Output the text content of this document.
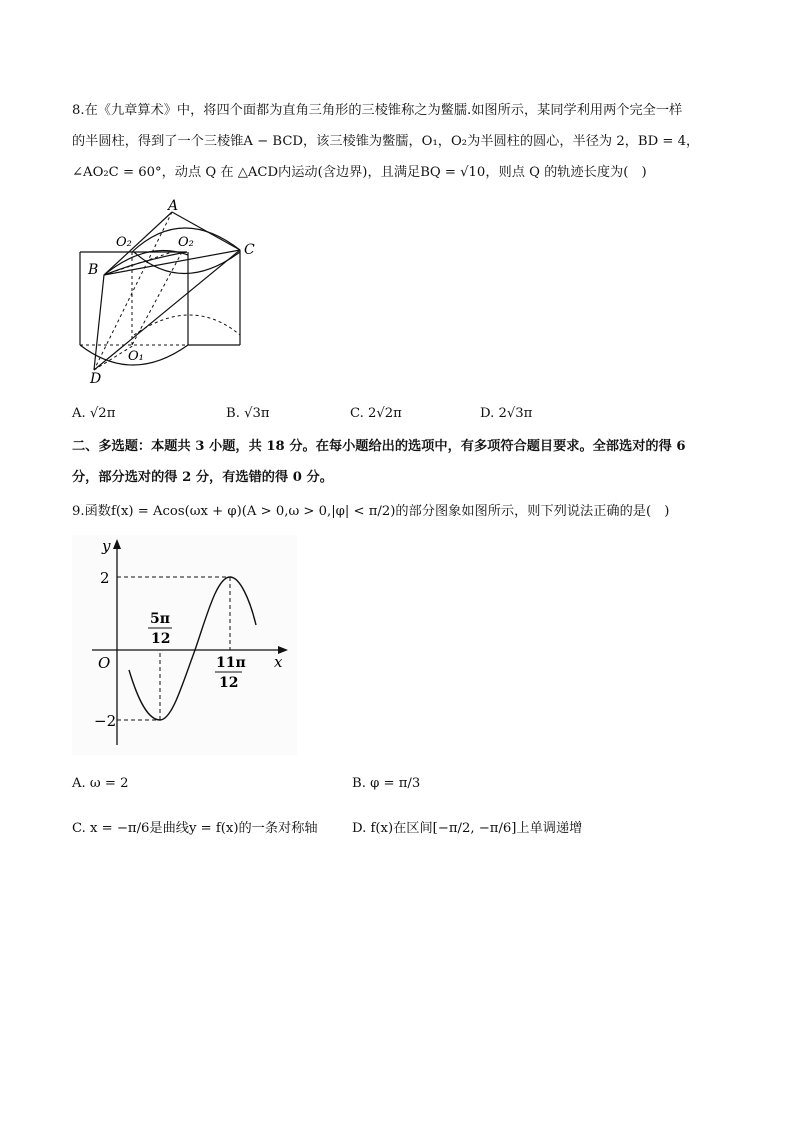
8.在《九章算术》中，将四个面都为直角三角形的三棱锥称之为鳖臑.如图所示，某同学利用两个完全一样
的半圆柱，得到了一个三棱锥A − BCD，该三棱锥为鳖臑，O₁，O₂为半圆柱的圆心，半径为 2，BD = 4，
∠AO₂C = 60°，动点 Q 在 △ACD内运动(含边界)，且满足BQ = √10，则点 Q 的轨迹长度为(　)
A
B
C
D
O₁
O₂	O₂
A. √2π	B. √3π	C. 2√2π	D. 2√3π
二、多选题：本题共 3 小题，共 18 分。在每小题给出的选项中，有多项符合题目要求。全部选对的得 6
分，部分选对的得 2 分，有选错的得 0 分。
9.函数f(x) = Acos(ωx + φ)(A > 0,ω > 0,|φ| < π/2)的部分图象如图所示，则下列说法正确的是(　)
y
x
O
2
−2
5π
12
11π
12
A. ω = 2	B. φ = π/3
C. x = −π/6是曲线y = f(x)的一条对称轴	D. f(x)在区间[−π/2, −π/6]上单调递增
